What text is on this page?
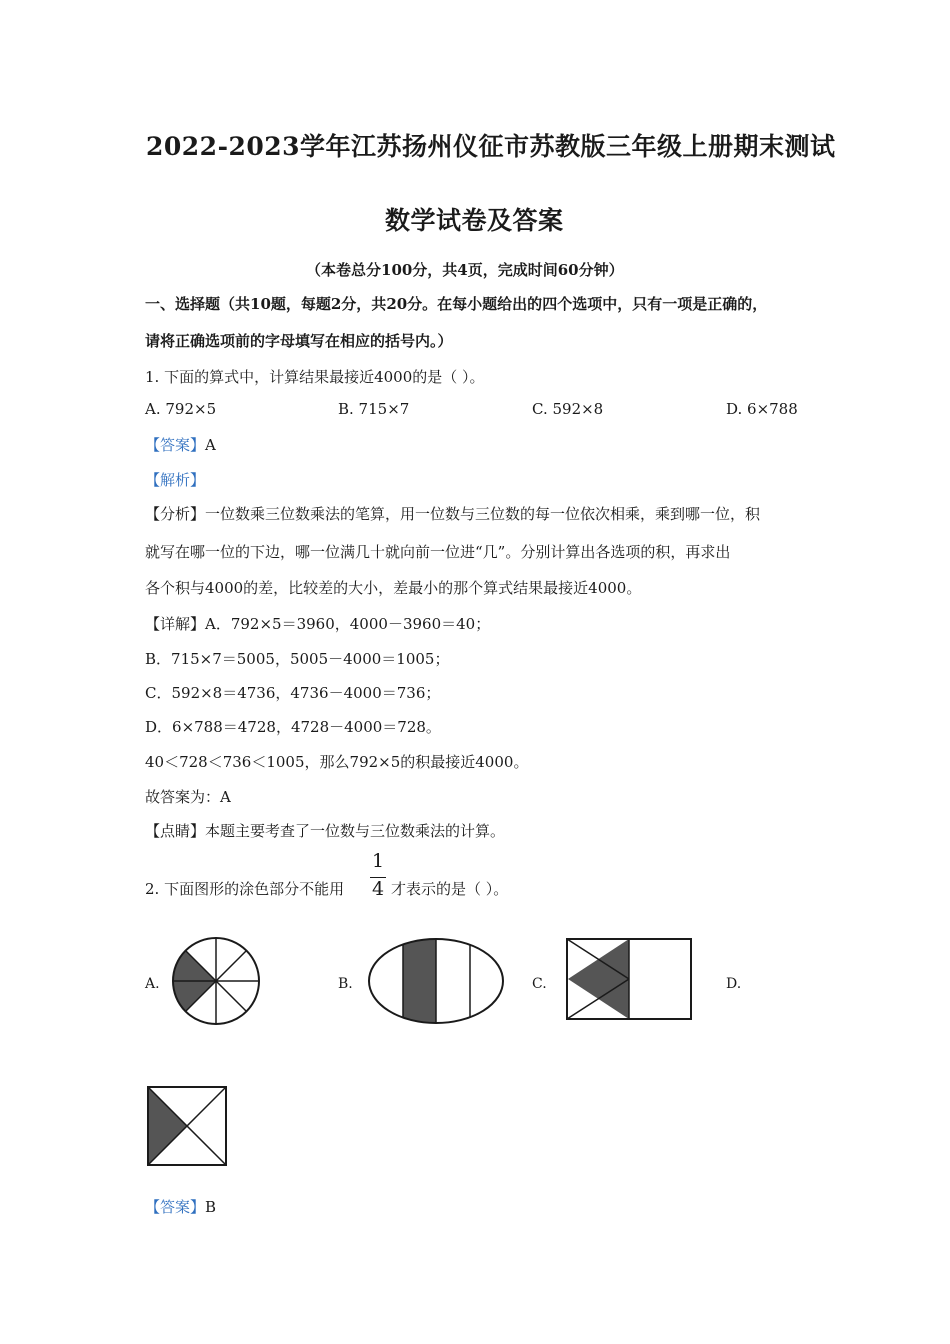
2022-2023学年江苏扬州仪征市苏教版三年级上册期末测试
数学试卷及答案
（本卷总分100分，共4页，完成时间60分钟）
一、选择题（共10题，每题2分，共20分。在每小题给出的四个选项中，只有一项是正确的，
请将正确选项前的字母填写在相应的括号内。）
1. 下面的算式中，计算结果最接近4000的是（ ）。
A. 792×5	B. 715×7	C. 592×8	D. 6×788
【答案】A
【解析】
【分析】一位数乘三位数乘法的笔算，用一位数与三位数的每一位依次相乘，乘到哪一位，积
就写在哪一位的下边，哪一位满几十就向前一位进“几”。分别计算出各选项的积，再求出
各个积与4000的差，比较差的大小，差最小的那个算式结果最接近4000。
【详解】A．792×5＝3960，4000－3960＝40；
B．715×7＝5005，5005－4000＝1005；
C．592×8＝4736，4736－4000＝736；
D．6×788＝4728，4728－4000＝728。
40＜728＜736＜1005，那么792×5的积最接近4000。
故答案为：A
【点睛】本题主要考查了一位数与三位数乘法的计算。
2. 下面图形的涂色部分不能用
1
4 才表示的是（ ）。
A.	B.	C.	D.
【答案】B
